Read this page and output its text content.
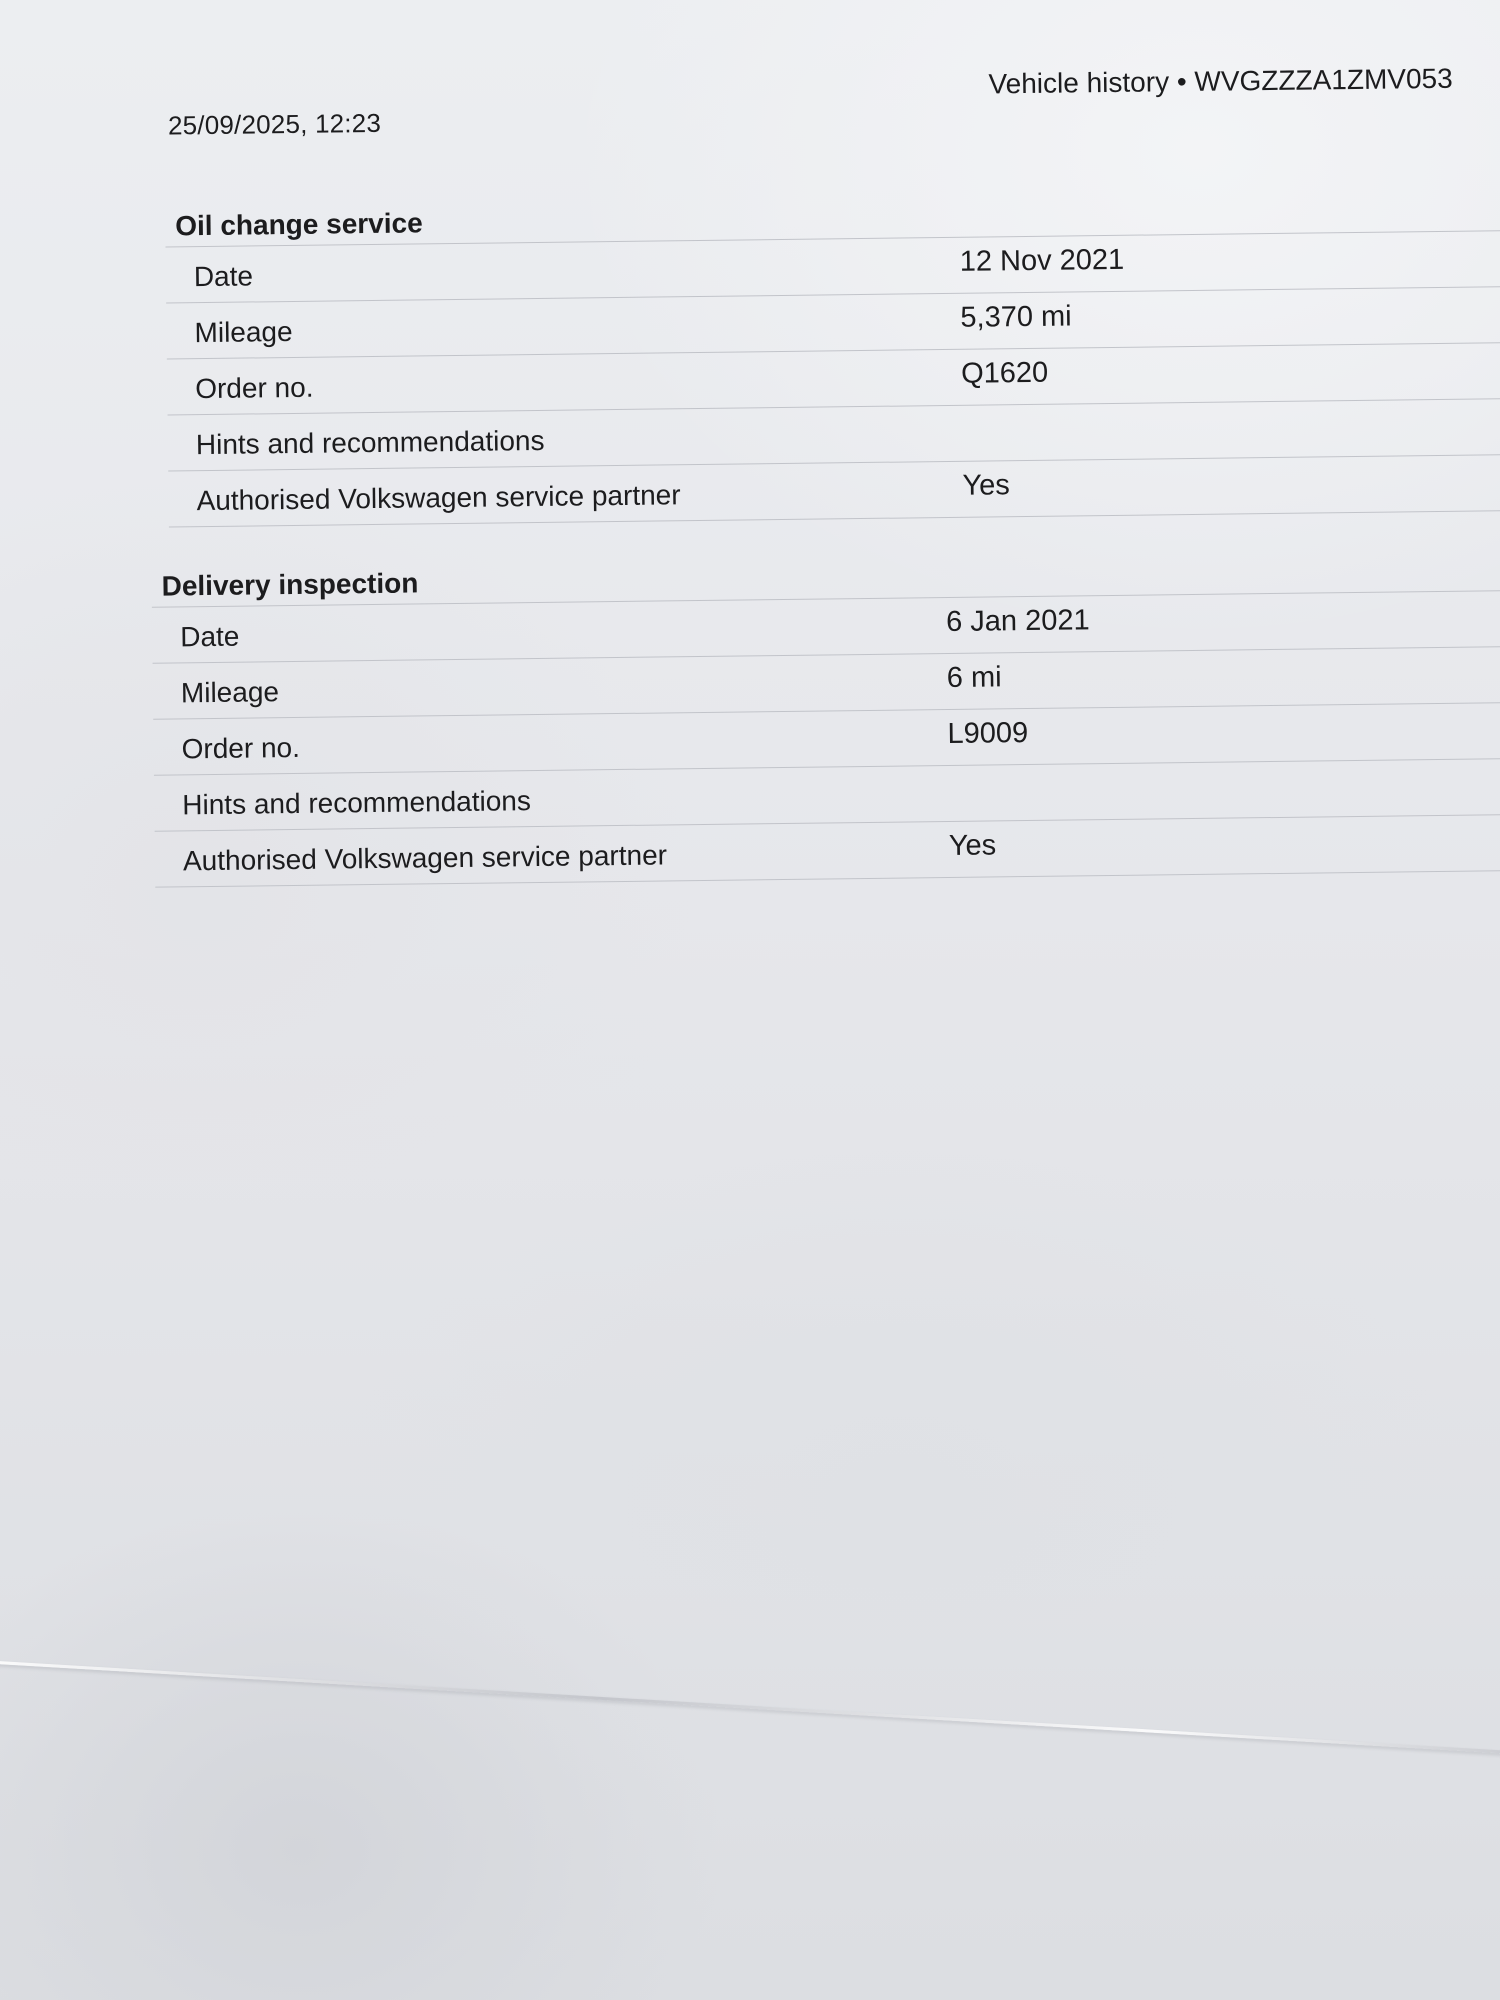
25/09/2025, 12:23
Vehicle history • WVGZZZA1ZMV053
Oil change service
Date	12 Nov 2021
Mileage	5,370 mi
Order no.	Q1620
Hints and recommendations
Authorised Volkswagen service partner	Yes
Delivery inspection
Date	6 Jan 2021
Mileage	6 mi
Order no.	L9009
Hints and recommendations
Authorised Volkswagen service partner	Yes
